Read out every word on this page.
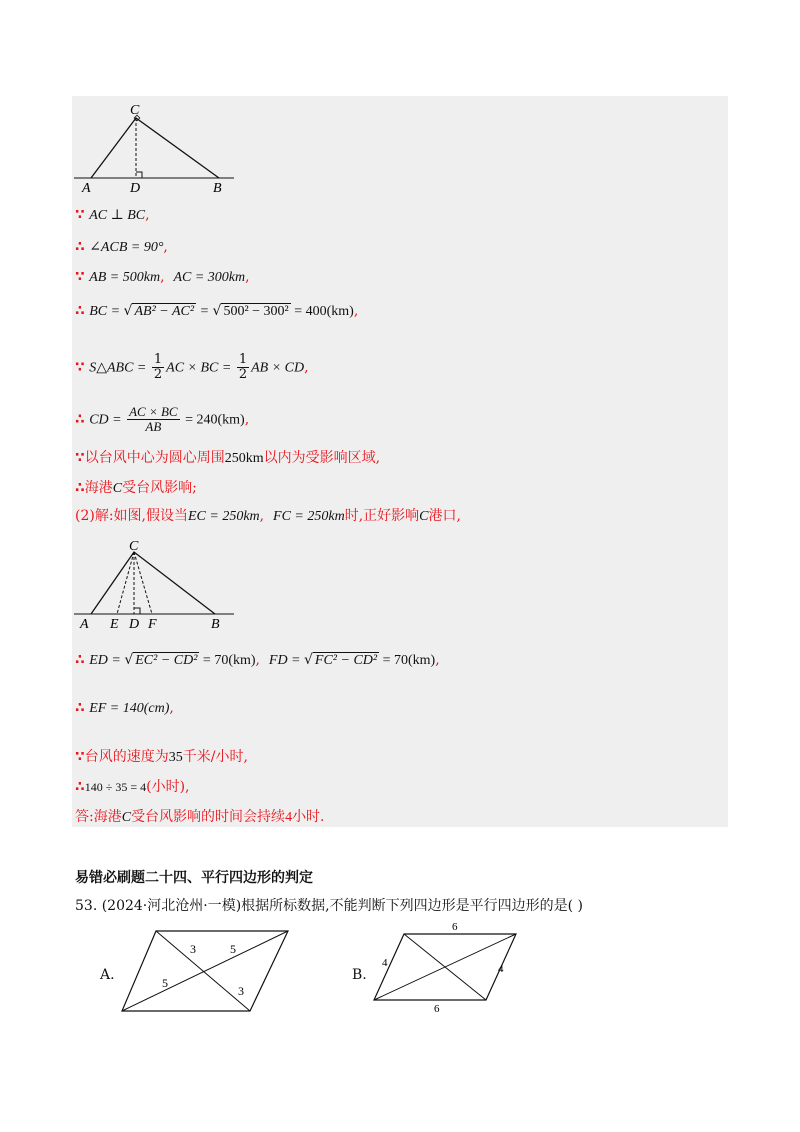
C
A	D	B
∵ AC ⊥ BC,
∴ ∠ACB = 90°,
∵ AB = 500km, AC = 300km,
∴ BC = √ AB² − AC² = √ 500² − 300² = 400(km),
∵ S△ABC = $\frac{1}{2}$ AC × BC = $\frac{1}{2}$ AB × CD,
∴ CD = $\frac{AC \times BC}{AB} = 240(km)$,
∵以台风中心为圆心周围250km以内为受影响区域,
∴海港C受台风影响;
(2)解:如图,假设当EC = 250km,  FC = 250km时,正好影响C港口,
C
A E D F	B
∴ ED = √ EC² − CD² = 70(km), FD = √ FC² − CD² = 70(km),
∴ EF = 140(cm),
∵台风的速度为35千米/小时,
∴140 ÷ 35 = 4(小时),
答:海港C受台风影响的时间会持续4小时.
易错必刷题二十四、平行四边形的判定
53. (2024·河北沧州·一模)根据所标数据,不能判断下列四边形是平行四边形的是( )
A.
3	5
5
3
B.
6
4	4
6
